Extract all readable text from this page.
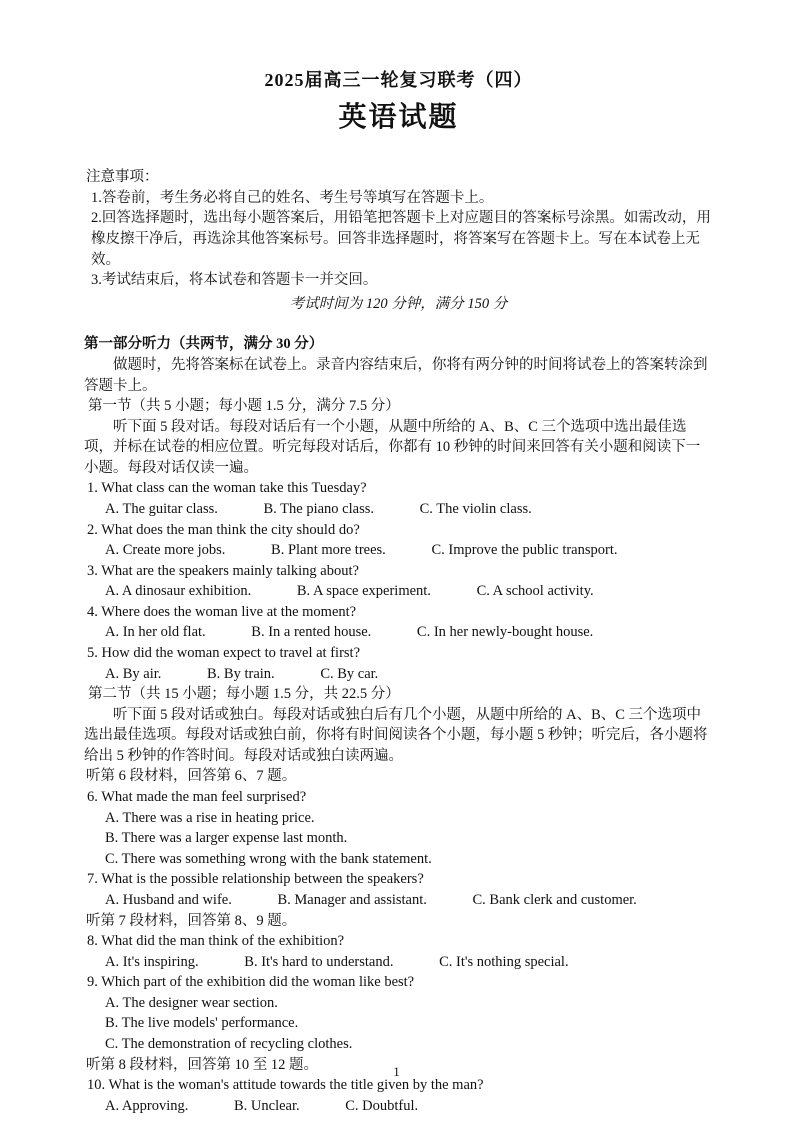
2025届高三一轮复习联考（四）
英语试题
注意事项：
1.答卷前，考生务必将自己的姓名、考生号等填写在答题卡上。
2.回答选择题时，选出每小题答案后，用铅笔把答题卡上对应题目的答案标号涂黑。如需改动，用橡皮擦干净后，再选涂其他答案标号。回答非选择题时，将答案写在答题卡上。写在本试卷上无效。
3.考试结束后，将本试卷和答题卡一并交回。
考试时间为 120 分钟，满分 150 分
第一部分听力（共两节，满分 30 分）
做题时，先将答案标在试卷上。录音内容结束后，你将有两分钟的时间将试卷上的答案转涂到答题卡上。
第一节（共 5 小题；每小题 1.5 分，满分 7.5 分）
听下面 5 段对话。每段对话后有一个小题，从题中所给的 A、B、C 三个选项中选出最佳选项，并标在试卷的相应位置。听完每段对话后，你都有 10 秒钟的时间来回答有关小题和阅读下一小题。每段对话仅读一遍。
1. What class can the woman take this Tuesday?
A. The guitar class.	B. The piano class.	C. The violin class.
2. What does the man think the city should do?
A. Create more jobs.	B. Plant more trees.	C. Improve the public transport.
3. What are the speakers mainly talking about?
A. A dinosaur exhibition.	B. A space experiment.	C. A school activity.
4. Where does the woman live at the moment?
A. In her old flat.	B. In a rented house.	C. In her newly-bought house.
5. How did the woman expect to travel at first?
A. By air.	B. By train.	C. By car.
第二节（共 15 小题；每小题 1.5 分，共 22.5 分）
听下面 5 段对话或独白。每段对话或独白后有几个小题，从题中所给的 A、B、C 三个选项中选出最佳选项。每段对话或独白前，你将有时间阅读各个小题，每小题 5 秒钟；听完后，各小题将给出 5 秒钟的作答时间。每段对话或独白读两遍。
听第 6 段材料，回答第 6、7 题。
6. What made the man feel surprised?
A. There was a rise in heating price.
B. There was a larger expense last month.
C. There was something wrong with the bank statement.
7. What is the possible relationship between the speakers?
A. Husband and wife.	B. Manager and assistant.	C. Bank clerk and customer.
听第 7 段材料，回答第 8、9 题。
8. What did the man think of the exhibition?
A. It's inspiring.	B. It's hard to understand.	C. It's nothing special.
9. Which part of the exhibition did the woman like best?
A. The designer wear section.
B. The live models' performance.
C. The demonstration of recycling clothes.
听第 8 段材料，回答第 10 至 12 题。
10. What is the woman's attitude towards the title given by the man?
A. Approving.	B. Unclear.	C. Doubtful.
1
